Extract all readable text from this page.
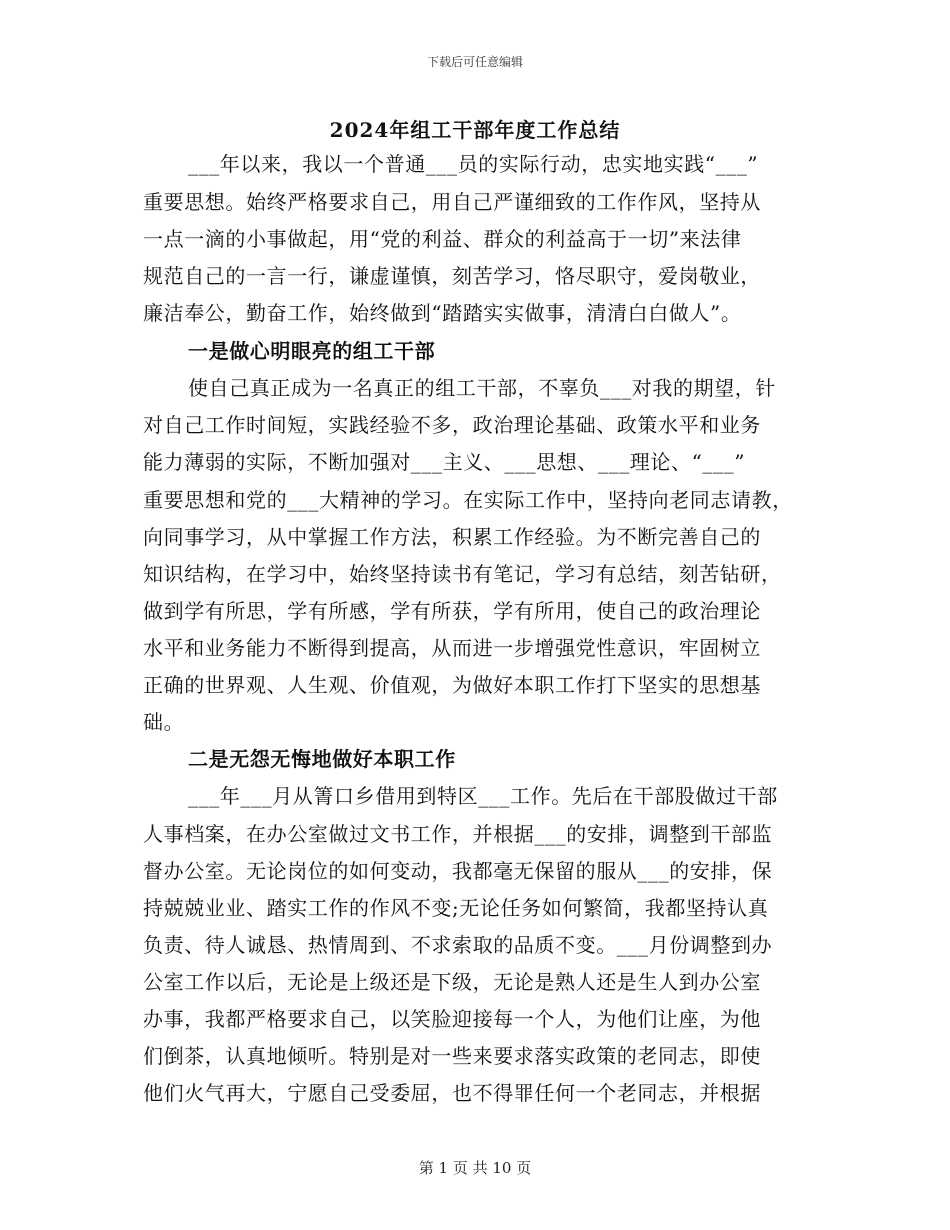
下载后可任意编辑
2024年组工干部年度工作总结
___年以来，我以一个普通___员的实际行动，忠实地实践“___”
重要思想。始终严格要求自己，用自己严谨细致的工作作风，坚持从
一点一滴的小事做起，用“党的利益、群众的利益高于一切”来法律
规范自己的一言一行，谦虚谨慎，刻苦学习，恪尽职守，爱岗敬业，
廉洁奉公，勤奋工作，始终做到“踏踏实实做事，清清白白做人”。
一是做心明眼亮的组工干部
使自己真正成为一名真正的组工干部，不辜负___对我的期望，针
对自己工作时间短，实践经验不多，政治理论基础、政策水平和业务
能力薄弱的实际，不断加强对___主义、___思想、___理论、“___”
重要思想和党的___大精神的学习。在实际工作中，坚持向老同志请教，
向同事学习，从中掌握工作方法，积累工作经验。为不断完善自己的
知识结构，在学习中，始终坚持读书有笔记，学习有总结，刻苦钻研，
做到学有所思，学有所感，学有所获，学有所用，使自己的政治理论
水平和业务能力不断得到提高，从而进一步增强党性意识，牢固树立
正确的世界观、人生观、价值观，为做好本职工作打下坚实的思想基
础。
二是无怨无悔地做好本职工作
___年___月从箐口乡借用到特区___工作。先后在干部股做过干部
人事档案，在办公室做过文书工作，并根据___的安排，调整到干部监
督办公室。无论岗位的如何变动，我都毫无保留的服从___的安排，保
持兢兢业业、踏实工作的作风不变;无论任务如何繁简，我都坚持认真
负责、待人诚恳、热情周到、不求索取的品质不变。___月份调整到办
公室工作以后，无论是上级还是下级，无论是熟人还是生人到办公室
办事，我都严格要求自己，以笑脸迎接每一个人，为他们让座，为他
们倒茶，认真地倾听。特别是对一些来要求落实政策的老同志，即使
他们火气再大，宁愿自己受委屈，也不得罪任何一个老同志，并根据
第 1 页 共 10 页
